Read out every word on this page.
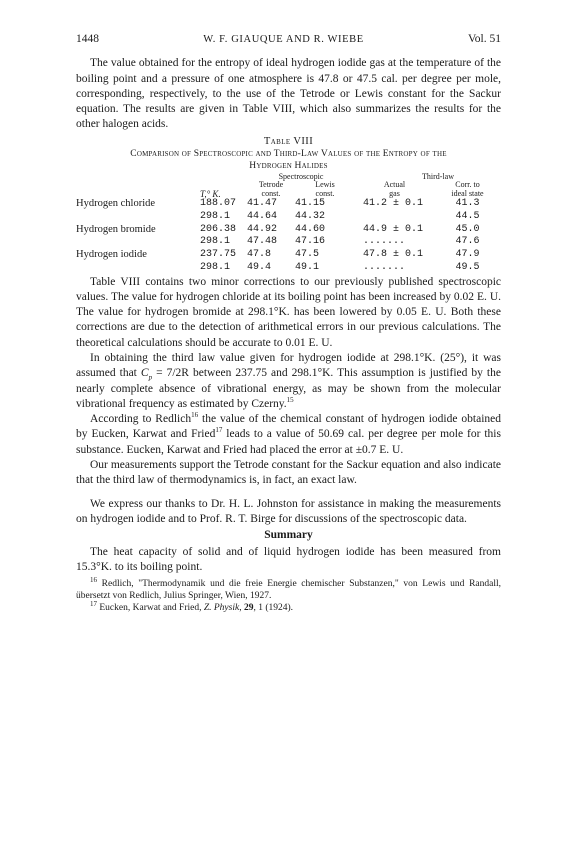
1448	W. F. GIAUQUE AND R. WIEBE	Vol. 51

The value obtained for the entropy of ideal hydrogen iodide gas at the temperature of the boiling point and a pressure of one atmosphere is 47.8 or 47.5 cal. per degree per mole, corresponding, respectively, to the use of the Tetrode or Lewis constant for the Sackur equation. The results are given in Table VIII, which also summarizes the results for the other halogen acids.

Table VIII
Comparison of Spectroscopic and Third-Law Values of the Entropy of the
Hydrogen Halides
		Spectroscopic		Third-law	
		Tetrode	Lewis	Actual	Corr. to
	T,° K.	const.	const.	gas	ideal state
Hydrogen chloride	188.07	41.47	41.15	41.2 ± 0.1	41.3
	298.1	44.64	44.32		44.5
Hydrogen bromide	206.38	44.92	44.60	44.9 ± 0.1	45.0
	298.1	47.48	47.16	.......	47.6
Hydrogen iodide	237.75	47.8	47.5	47.8 ± 0.1	47.9
	298.1	49.4	49.1	.......	49.5

Table VIII contains two minor corrections to our previously published spectroscopic values. The value for hydrogen chloride at its boiling point has been increased by 0.02 E. U. The value for hydrogen bromide at 298.1°K. has been lowered by 0.05 E. U. Both these corrections are due to the detection of arithmetical errors in our previous calculations. The theoretical calculations should be accurate to 0.01 E. U.

In obtaining the third law value given for hydrogen iodide at 298.1°K. (25°), it was assumed that $C_p = 7/2R$ between 237.75 and 298.1°K. This assumption is justified by the nearly complete absence of vibrational energy, as may be shown from the molecular vibrational frequency as estimated by Czerny.$^{15}$

According to Redlich$^{16}$ the value of the chemical constant of hydrogen iodide obtained by Eucken, Karwat and Fried$^{17}$ leads to a value of 50.69 cal. per degree per mole for this substance. Eucken, Karwat and Fried had placed the error at ±0.7 E. U.

Our measurements support the Tetrode constant for the Sackur equation and also indicate that the third law of thermodynamics is, in fact, an exact law.

We express our thanks to Dr. H. L. Johnston for assistance in making the measurements on hydrogen iodide and to Prof. R. T. Birge for discussions of the spectroscopic data.

Summary

The heat capacity of solid and of liquid hydrogen iodide has been measured from 15.3°K. to its boiling point.

$^{16}$ Redlich, "Thermodynamik und die freie Energie chemischer Substanzen," von Lewis und Randall, übersetzt von Redlich, Julius Springer, Wien, 1927.
$^{17}$ Eucken, Karwat and Fried, Z. Physik, 29, 1 (1924).
